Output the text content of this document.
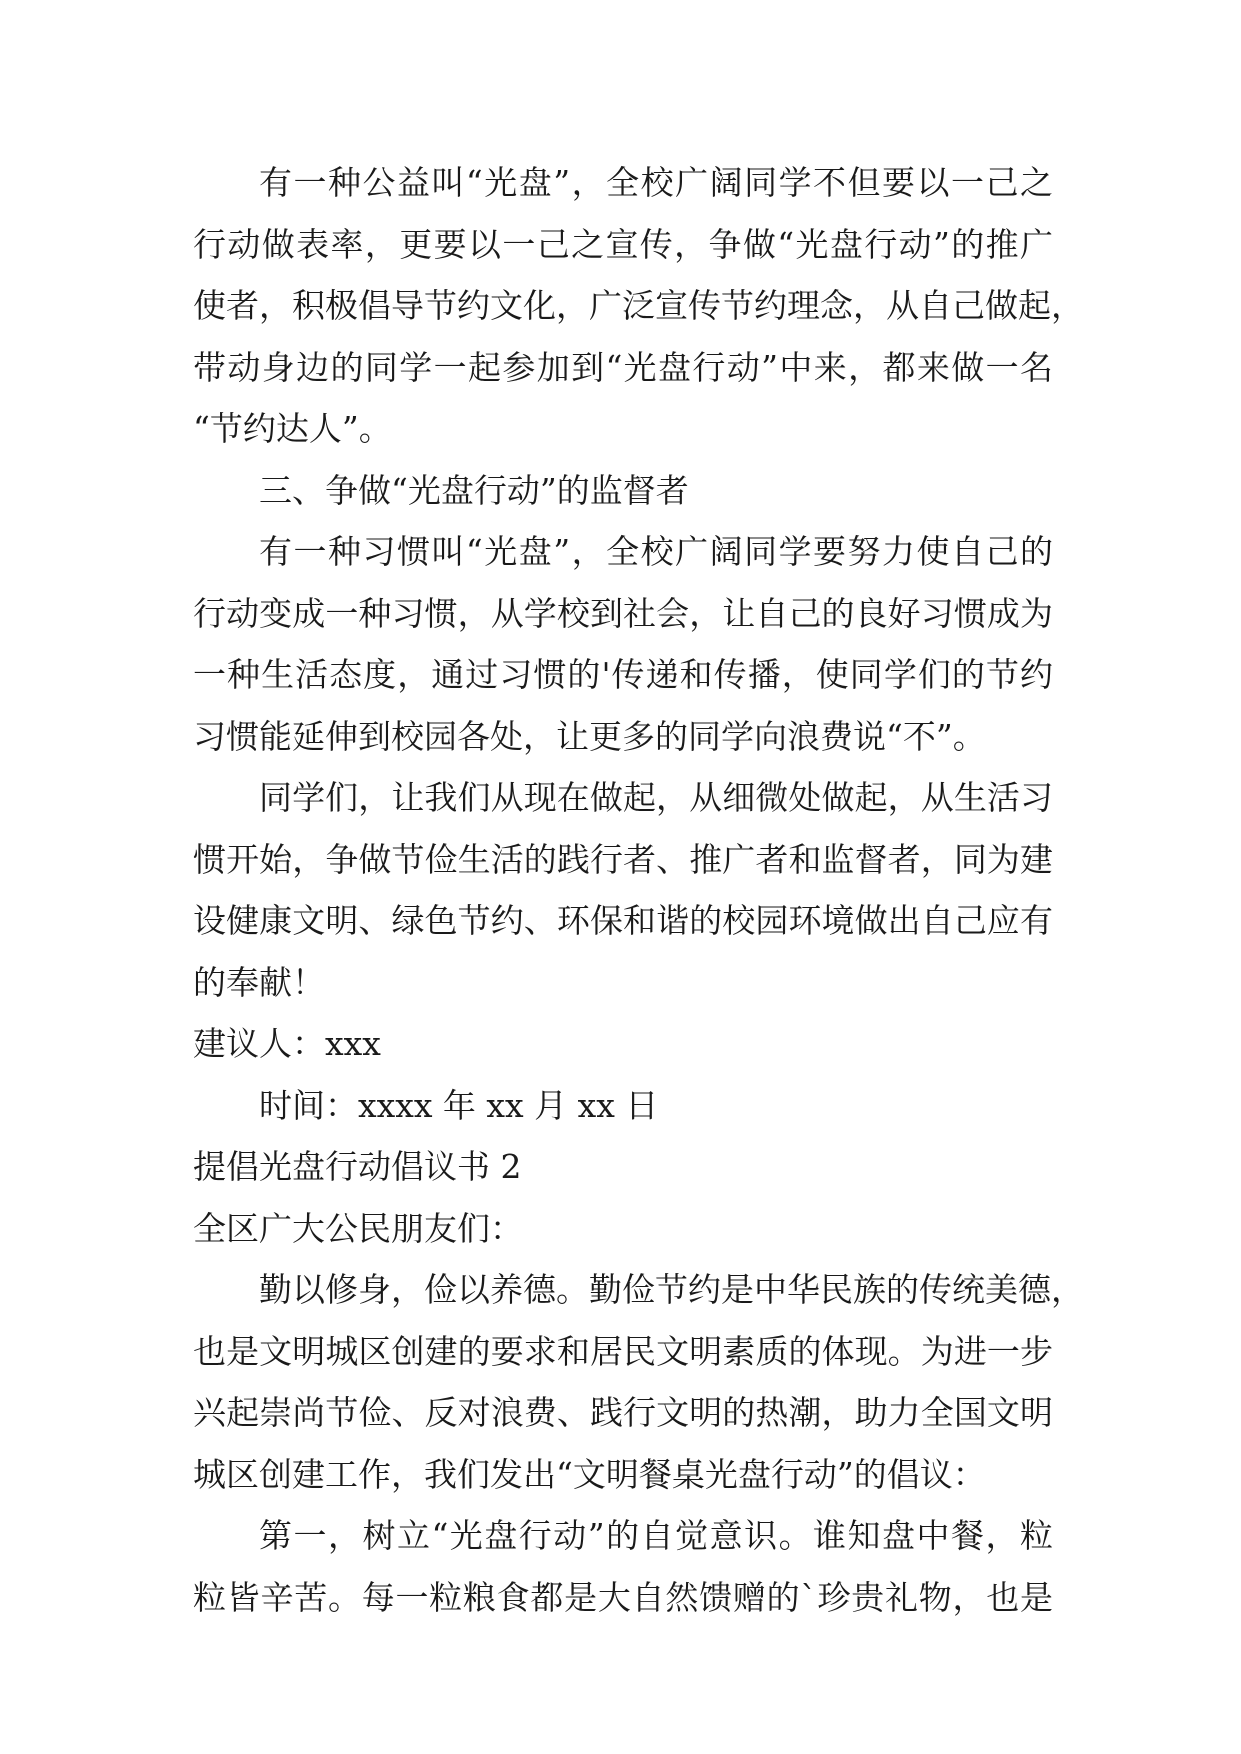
有一种公益叫“光盘”，全校广阔同学不但要以一己之
行动做表率，更要以一己之宣传，争做“光盘行动”的推广
使者，积极倡导节约文化，广泛宣传节约理念，从自己做起，
带动身边的同学一起参加到“光盘行动”中来，都来做一名
“节约达人”。
三、争做“光盘行动”的监督者
有一种习惯叫“光盘”，全校广阔同学要努力使自己的
行动变成一种习惯，从学校到社会，让自己的良好习惯成为
一种生活态度，通过习惯的'传递和传播，使同学们的节约
习惯能延伸到校园各处，让更多的同学向浪费说“不”。
同学们，让我们从现在做起，从细微处做起，从生活习
惯开始，争做节俭生活的践行者、推广者和监督者，同为建
设健康文明、绿色节约、环保和谐的校园环境做出自己应有
的奉献！
建议人：xxx
时间：xxxx 年 xx 月 xx 日
提倡光盘行动倡议书 2
全区广大公民朋友们：
勤以修身，俭以养德。勤俭节约是中华民族的传统美德，
也是文明城区创建的要求和居民文明素质的体现。为进一步
兴起崇尚节俭、反对浪费、践行文明的热潮，助力全国文明
城区创建工作，我们发出“文明餐桌光盘行动”的倡议：
第一，树立“光盘行动”的自觉意识。谁知盘中餐，粒
粒皆辛苦。每一粒粮食都是大自然馈赠的`珍贵礼物，也是
